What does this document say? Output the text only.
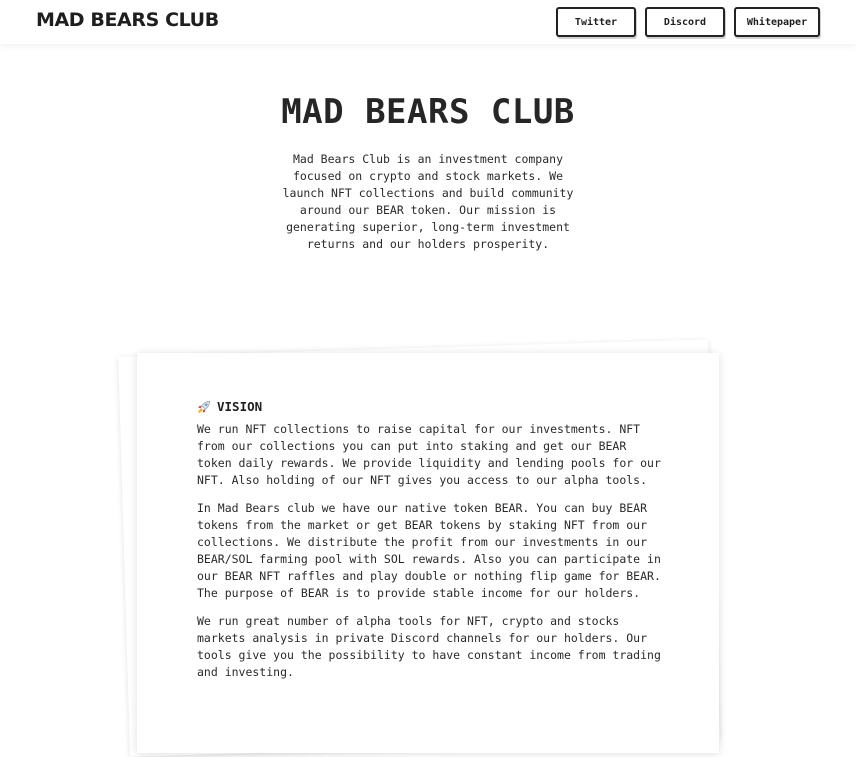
MAD BEARS CLUB	Twitter	Discord	Whitepaper
MAD BEARS CLUB
Mad Bears Club is an investment company focused on crypto and stock markets. We launch NFT collections and build community around our BEAR token. Our mission is generating superior, long-term investment returns and our holders prosperity.
VISION

We run NFT collections to raise capital for our investments. NFT from our collections you can put into staking and get our BEAR token daily rewards. We provide liquidity and lending pools for our NFT. Also holding of our NFT gives you access to our alpha tools.

In Mad Bears club we have our native token BEAR. You can buy BEAR tokens from the market or get BEAR tokens by staking NFT from our collections. We distribute the profit from our investments in our BEAR/SOL farming pool with SOL rewards. Also you can participate in our BEAR NFT raffles and play double or nothing flip game for BEAR. The purpose of BEAR is to provide stable income for our holders.

We run great number of alpha tools for NFT, crypto and stocks markets analysis in private Discord channels for our holders. Our tools give you the possibility to have constant income from trading and investing.
